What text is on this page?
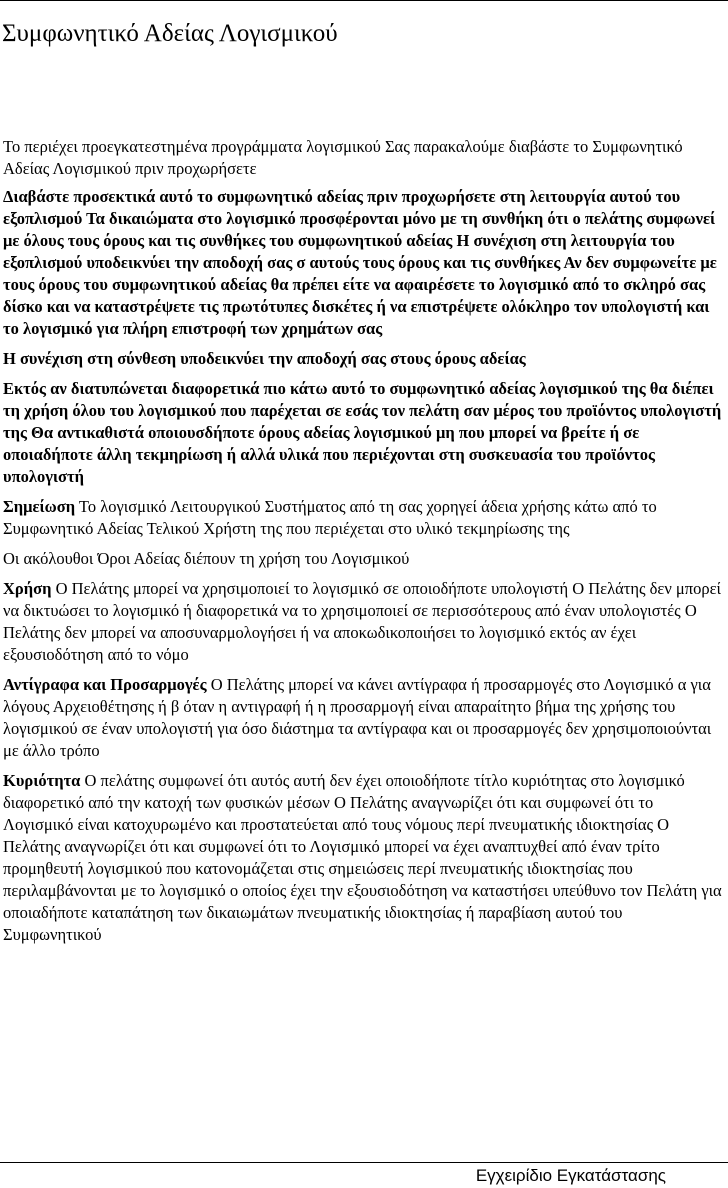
Συμφωνητικό Αδείας Λογισμικού

Το περιέχει προεγκατεστημένα προγράμματα λογισμικού Σας παρακαλούμε διαβάστε το Συμφωνητικό Αδείας Λογισμικού πριν προχωρήσετε

Διαβάστε προσεκτικά αυτό το συμφωνητικό αδείας πριν προχωρήσετε στη λειτουργία αυτού του εξοπλισμού Τα δικαιώματα στο λογισμικό προσφέρονται μόνο με τη συνθήκη ότι ο πελάτης συμφωνεί με όλους τους όρους και τις συνθήκες του συμφωνητικού αδείας Η συνέχιση στη λειτουργία του εξοπλισμού υποδεικνύει την αποδοχή σας σ αυτούς τους όρους και τις συνθήκες Αν δεν συμφωνείτε με τους όρους του συμφωνητικού αδείας θα πρέπει είτε να αφαιρέσετε το λογισμικό από το σκληρό σας δίσκο και να καταστρέψετε τις πρωτότυπες δισκέτες ή να επιστρέψετε ολόκληρο τον υπολογιστή και το λογισμικό για πλήρη επιστροφή των χρημάτων σας

Η συνέχιση στη σύνθεση υποδεικνύει την αποδοχή σας στους όρους αδείας

Εκτός αν διατυπώνεται διαφορετικά πιο κάτω αυτό το συμφωνητικό αδείας λογισμικού της θα διέπει τη χρήση όλου του λογισμικού που παρέχεται σε εσάς τον πελάτη σαν μέρος του προϊόντος υπολογιστή της Θα αντικαθιστά οποιουσδήποτε όρους αδείας λογισμικού μη που μπορεί να βρείτε ή σε οποιαδήποτε άλλη τεκμηρίωση ή αλλά υλικά που περιέχονται στη συσκευασία του προϊόντος υπολογιστή

Σημείωση Το λογισμικό Λειτουργικού Συστήματος από τη σας χορηγεί άδεια χρήσης κάτω από το Συμφωνητικό Αδείας Τελικού Χρήστη της που περιέχεται στο υλικό τεκμηρίωσης της

Οι ακόλουθοι Όροι Αδείας διέπουν τη χρήση του Λογισμικού

Χρήση Ο Πελάτης μπορεί να χρησιμοποιεί το λογισμικό σε οποιοδήποτε υπολογιστή Ο Πελάτης δεν μπορεί να δικτυώσει το λογισμικό ή διαφορετικά να το χρησιμοποιεί σε περισσότερους από έναν υπολογιστές Ο Πελάτης δεν μπορεί να αποσυναρμολογήσει ή να αποκωδικοποιήσει το λογισμικό εκτός αν έχει εξουσιοδότηση από το νόμο

Αντίγραφα και Προσαρμογές Ο Πελάτης μπορεί να κάνει αντίγραφα ή προσαρμογές στο Λογισμικό α για λόγους Αρχειοθέτησης ή β όταν η αντιγραφή ή η προσαρμογή είναι απαραίτητο βήμα της χρήσης του λογισμικού σε έναν υπολογιστή για όσο διάστημα τα αντίγραφα και οι προσαρμογές δεν χρησιμοποιούνται με άλλο τρόπο

Κυριότητα Ο πελάτης συμφωνεί ότι αυτός αυτή δεν έχει οποιοδήποτε τίτλο κυριότητας στο λογισμικό διαφορετικό από την κατοχή των φυσικών μέσων Ο Πελάτης αναγνωρίζει ότι και συμφωνεί ότι το Λογισμικό είναι κατοχυρωμένο και προστατεύεται από τους νόμους περί πνευματικής ιδιοκτησίας Ο Πελάτης αναγνωρίζει ότι και συμφωνεί ότι το Λογισμικό μπορεί να έχει αναπτυχθεί από έναν τρίτο προμηθευτή λογισμικού που κατονομάζεται στις σημειώσεις περί πνευματικής ιδιοκτησίας που περιλαμβάνονται με το λογισμικό ο οποίος έχει την εξουσιοδότηση να καταστήσει υπεύθυνο τον Πελάτη για οποιαδήποτε καταπάτηση των δικαιωμάτων πνευματικής ιδιοκτησίας ή παραβίαση αυτού του Συμφωνητικού

Εγχειρίδιο Εγκατάστασης
